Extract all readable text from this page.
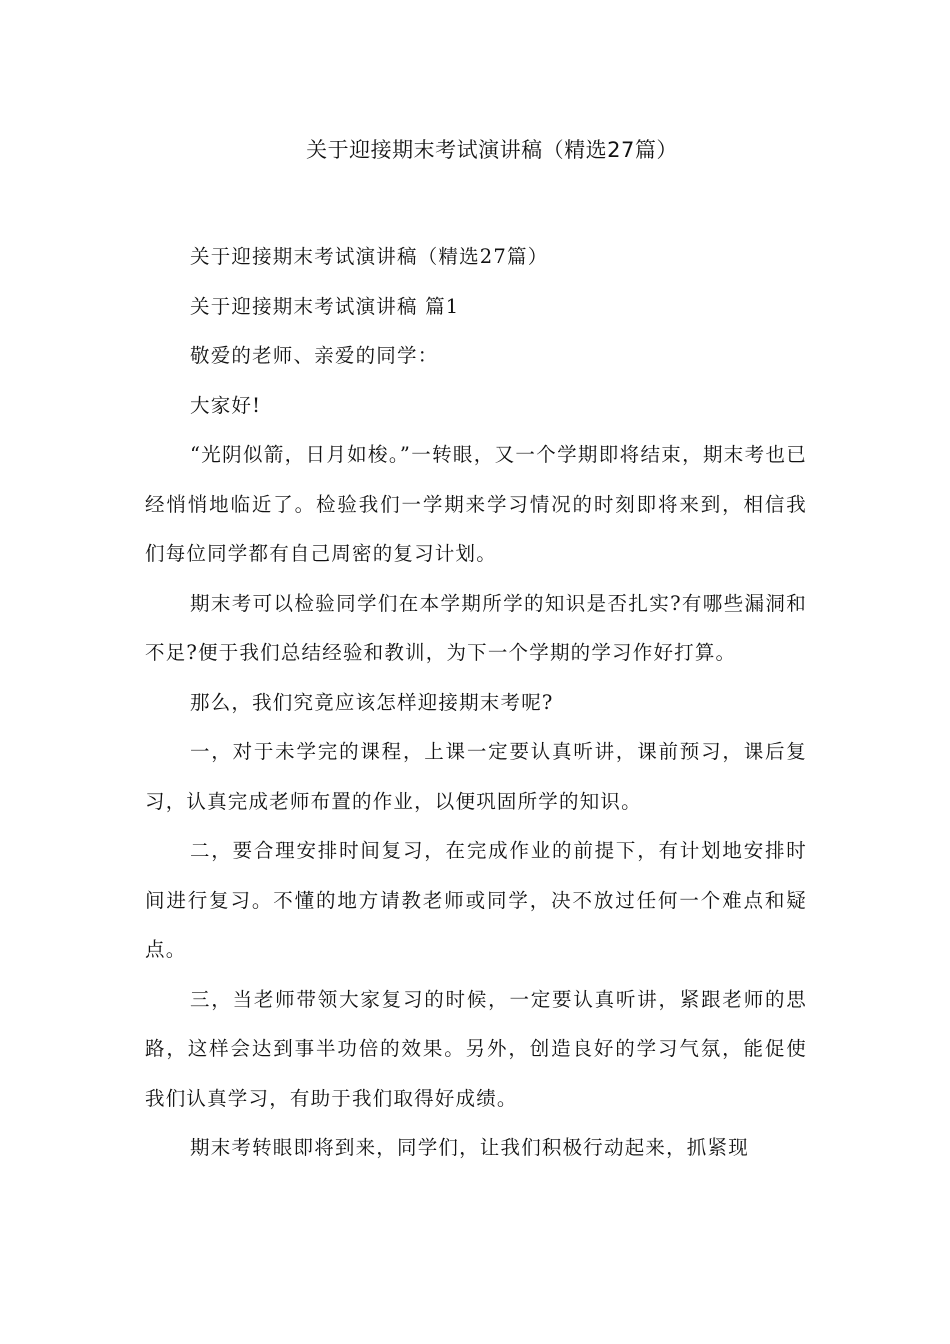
关于迎接期末考试演讲稿（精选27篇）

关于迎接期末考试演讲稿（精选27篇）

关于迎接期末考试演讲稿 篇1

敬爱的老师、亲爱的同学：

大家好!

“光阴似箭，日月如梭。”一转眼，又一个学期即将结束，期末考也已经悄悄地临近了。检验我们一学期来学习情况的时刻即将来到，相信我们每位同学都有自己周密的复习计划。

期末考可以检验同学们在本学期所学的知识是否扎实?有哪些漏洞和不足?便于我们总结经验和教训，为下一个学期的学习作好打算。

那么，我们究竟应该怎样迎接期末考呢?

一，对于未学完的课程，上课一定要认真听讲，课前预习，课后复习，认真完成老师布置的作业，以便巩固所学的知识。

二，要合理安排时间复习，在完成作业的前提下，有计划地安排时间进行复习。不懂的地方请教老师或同学，决不放过任何一个难点和疑点。

三，当老师带领大家复习的时候，一定要认真听讲，紧跟老师的思路，这样会达到事半功倍的效果。另外，创造良好的学习气氛，能促使我们认真学习，有助于我们取得好成绩。

期末考转眼即将到来，同学们，让我们积极行动起来，抓紧现
